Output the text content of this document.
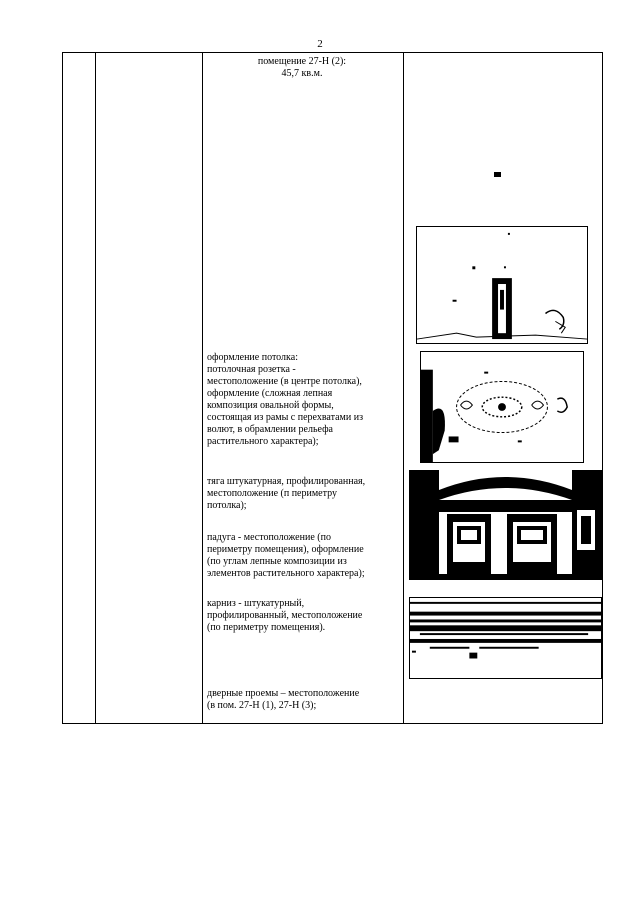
2
помещение 27-Н (2):
45,7 кв.м.
оформление потолка:
потолочная розетка -
местоположение (в центре потолка),
оформление (сложная лепная
композиция овальной формы,
состоящая из рамы с перехватами из
волют, в обрамлении рельефа
растительного характера);
тяга штукатурная, профилированная,
местоположение (п периметру
потолка);
падуга - местоположение (по
периметру помещения), оформление
(по углам лепные композиции из
элементов растительного характера);
карниз - штукатурный,
профилированный, местоположение
(по периметру помещения).
дверные проемы – местоположение
(в пом. 27-Н (1), 27-Н (3);
